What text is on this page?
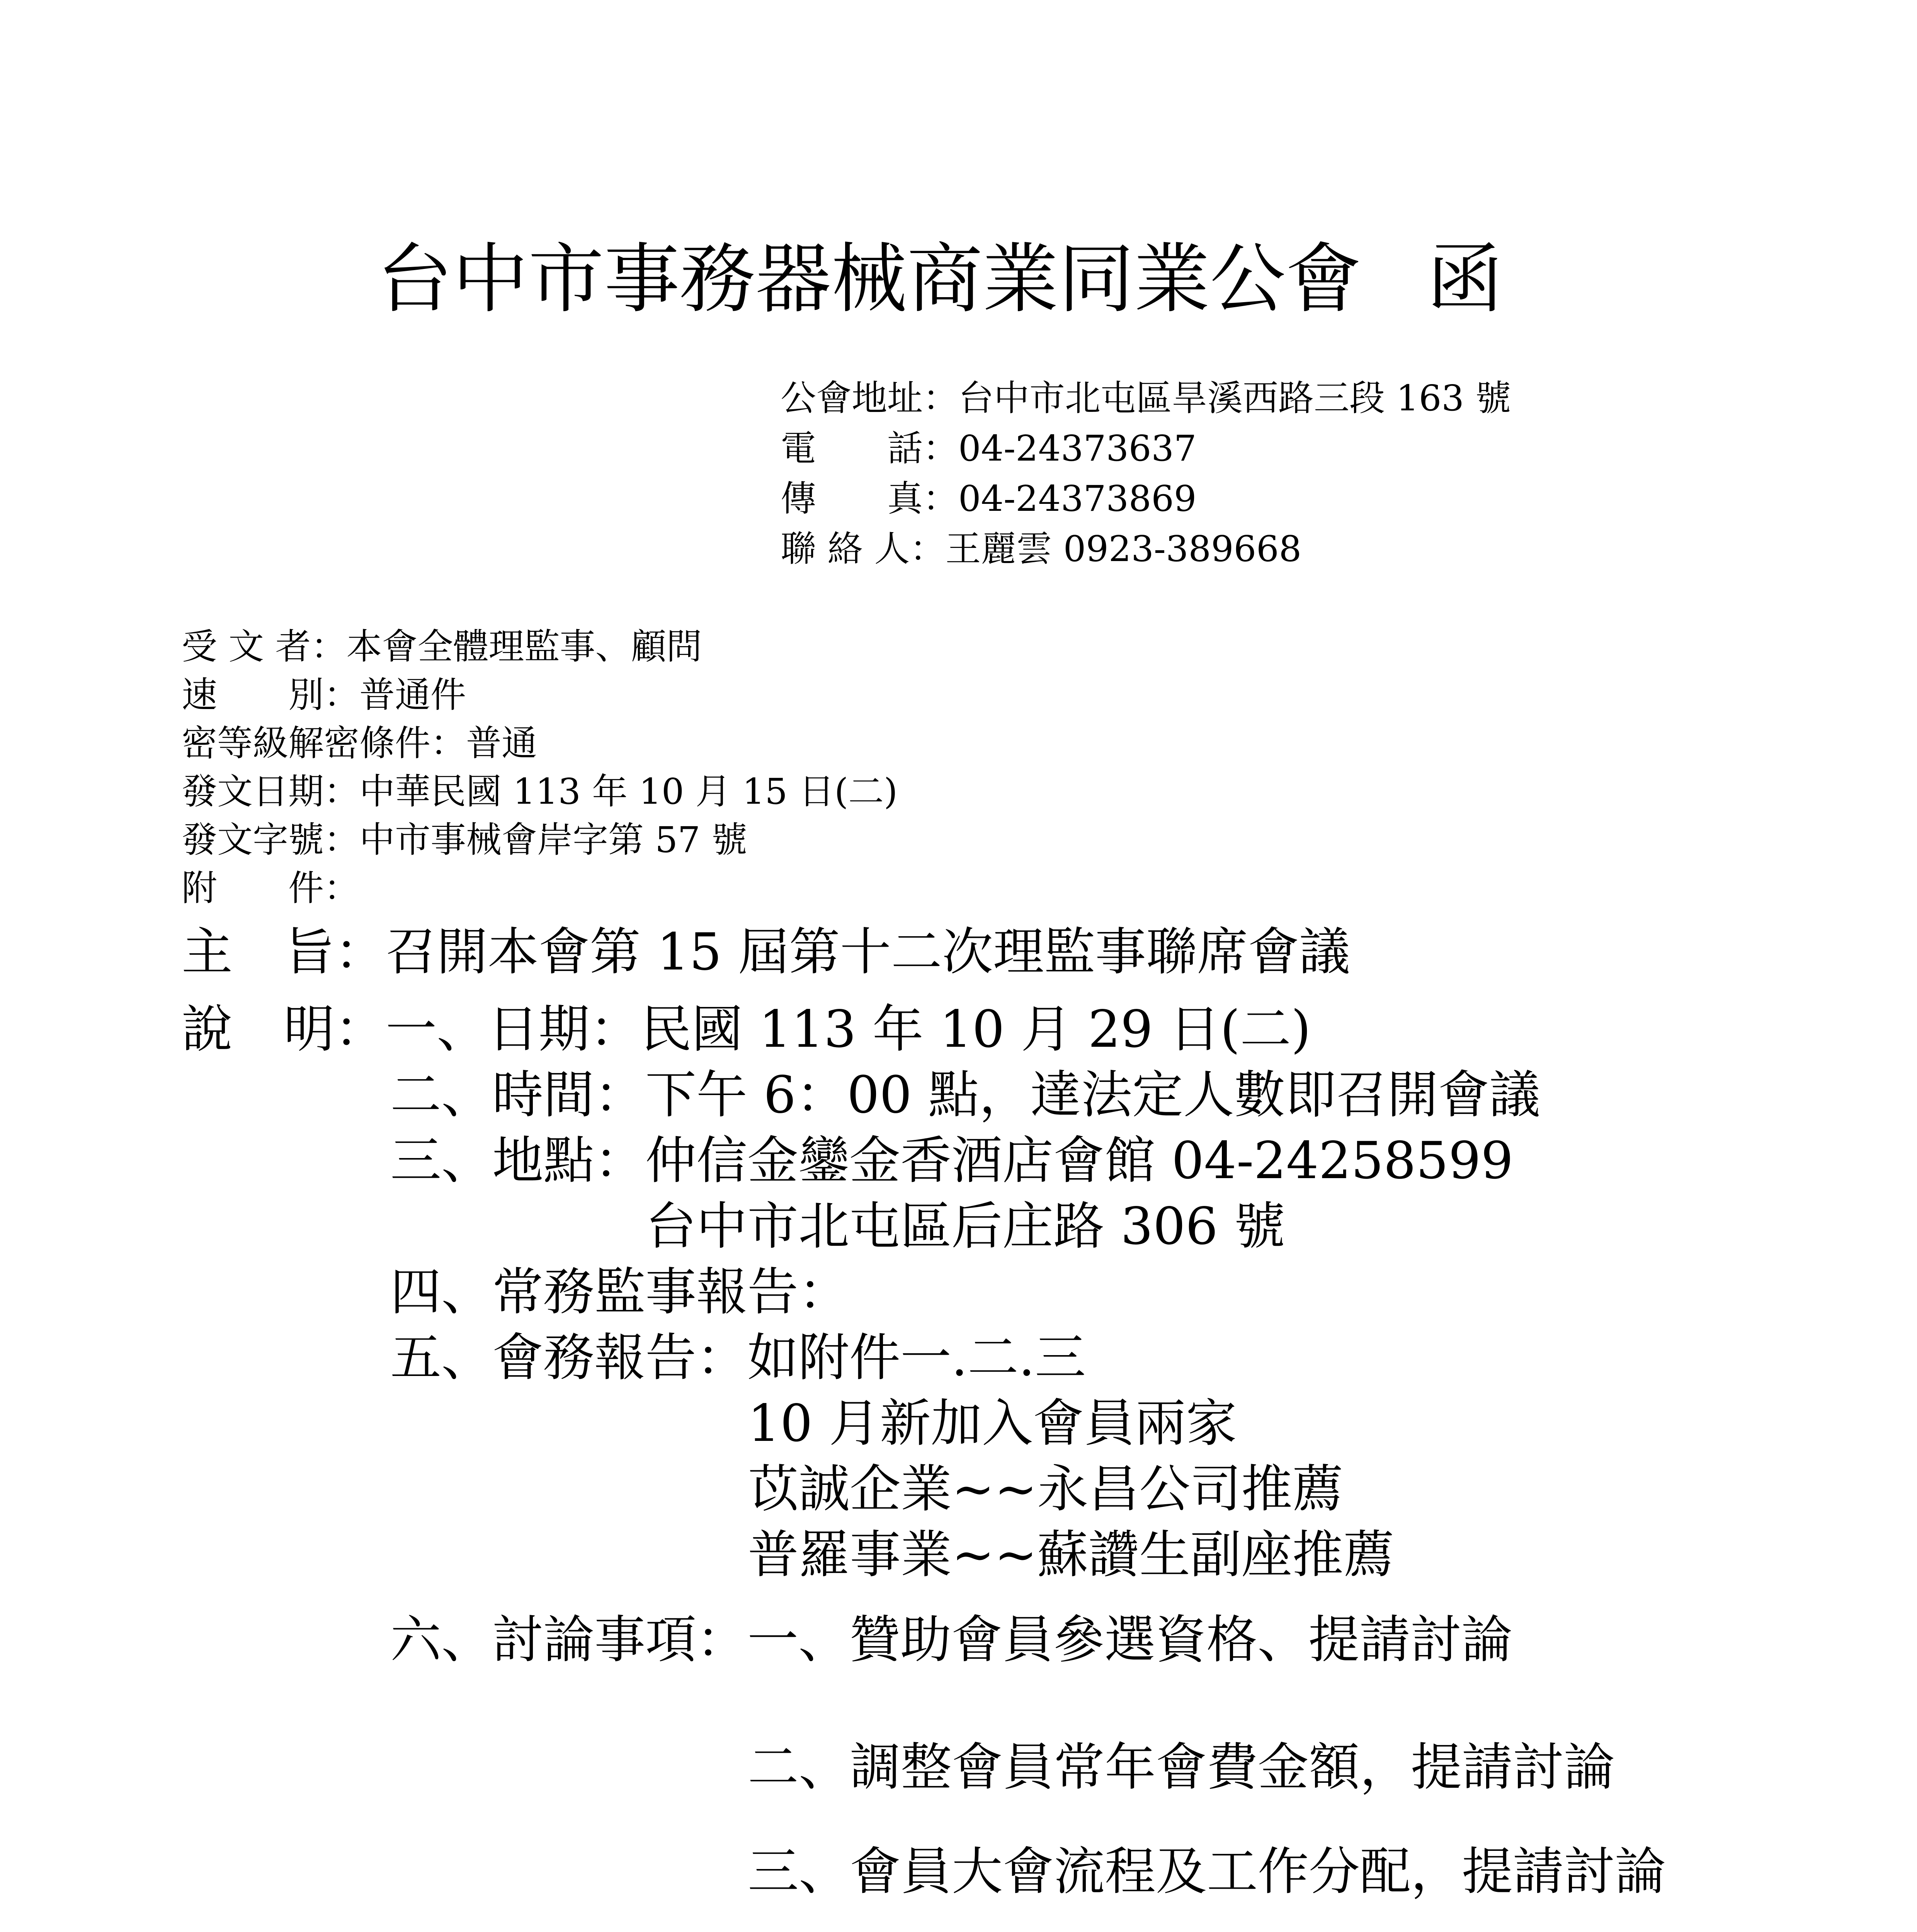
台中市事務器械商業同業公會 函
公會地址：台中市北屯區旱溪西路三段 163 號
電　　話：04-24373637
傳　　真：04-24373869
聯 絡 人：王麗雲 0923-389668
受 文 者：本會全體理監事、顧問
速　　別：普通件
密等級解密條件：普通
發文日期：中華民國 113 年 10 月 15 日(二)
發文字號：中市事械會岸字第 57 號
附　　件：
主　旨：召開本會第 15 屆第十二次理監事聯席會議
說　明：一、日期：民國 113 年 10 月 29 日(二)
二、時間：下午 6：00 點，達法定人數即召開會議
三、地點：仲信金鑾金香酒店會館 04-24258599
台中市北屯區后庄路 306 號
四、常務監事報告：
五、會務報告：如附件一.二.三
10 月新加入會員兩家
苡誠企業~~永昌公司推薦
普羅事業~~蘇讚生副座推薦
六、討論事項：一、贊助會員參選資格、提請討論
二、調整會員常年會費金額，提請討論
三、會員大會流程及工作分配，提請討論
